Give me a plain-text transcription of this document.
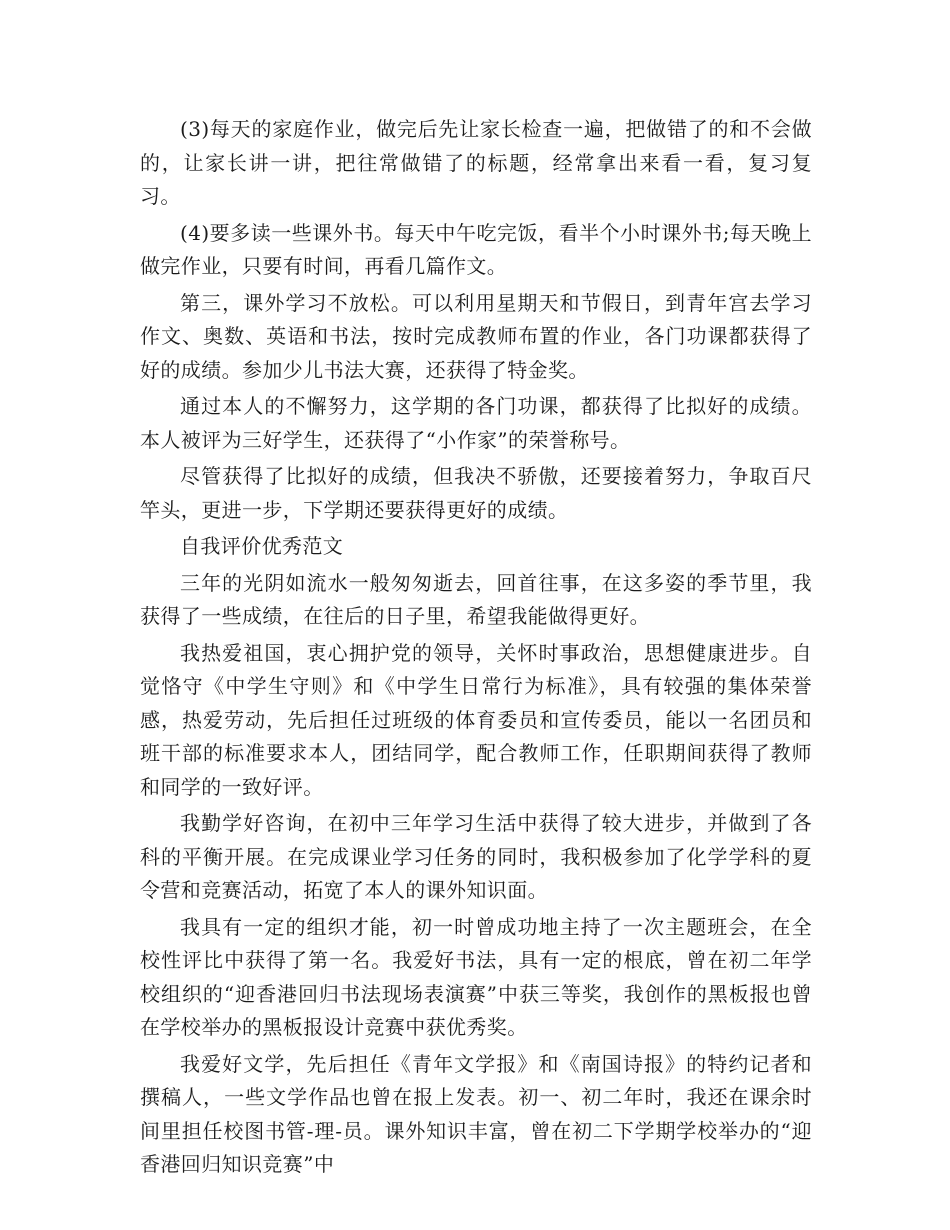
(3)每天的家庭作业，做完后先让家长检查一遍，把做错了的和不会做的，让家长讲一讲，把往常做错了的标题，经常拿出来看一看，复习复习。

(4)要多读一些课外书。每天中午吃完饭，看半个小时课外书;每天晚上做完作业，只要有时间，再看几篇作文。

第三，课外学习不放松。可以利用星期天和节假日，到青年宫去学习作文、奥数、英语和书法，按时完成教师布置的作业，各门功课都获得了好的成绩。参加少儿书法大赛，还获得了特金奖。

通过本人的不懈努力，这学期的各门功课，都获得了比拟好的成绩。本人被评为三好学生，还获得了“小作家”的荣誉称号。

尽管获得了比拟好的成绩，但我决不骄傲，还要接着努力，争取百尺竿头，更进一步，下学期还要获得更好的成绩。

自我评价优秀范文

三年的光阴如流水一般匆匆逝去，回首往事，在这多姿的季节里，我获得了一些成绩，在往后的日子里，希望我能做得更好。

我热爱祖国，衷心拥护党的领导，关怀时事政治，思想健康进步。自觉恪守《中学生守则》和《中学生日常行为标准》，具有较强的集体荣誉感，热爱劳动，先后担任过班级的体育委员和宣传委员，能以一名团员和班干部的标准要求本人，团结同学，配合教师工作，任职期间获得了教师和同学的一致好评。

我勤学好咨询，在初中三年学习生活中获得了较大进步，并做到了各科的平衡开展。在完成课业学习任务的同时，我积极参加了化学学科的夏令营和竞赛活动，拓宽了本人的课外知识面。

我具有一定的组织才能，初一时曾成功地主持了一次主题班会，在全校性评比中获得了第一名。我爱好书法，具有一定的根底，曾在初二年学校组织的“迎香港回归书法现场表演赛”中获三等奖，我创作的黑板报也曾在学校举办的黑板报设计竞赛中获优秀奖。

我爱好文学，先后担任《青年文学报》和《南国诗报》的特约记者和撰稿人，一些文学作品也曾在报上发表。初一、初二年时，我还在课余时间里担任校图书管-理-员。课外知识丰富，曾在初二下学期学校举办的“迎香港回归知识竞赛”中
